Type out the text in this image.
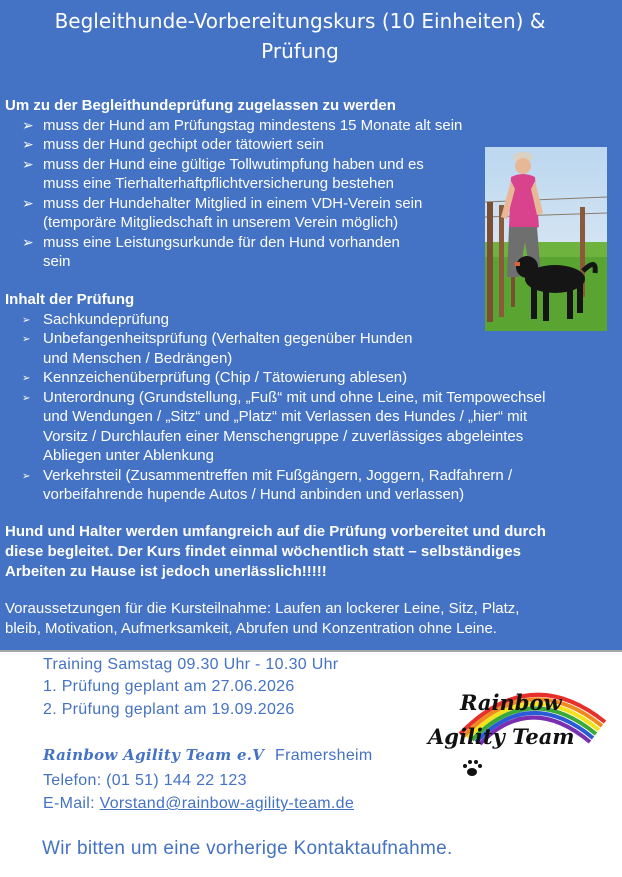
Begleithunde-Vorbereitungskurs (10 Einheiten) &
Prüfung
Um zu der Begleithundeprüfung zugelassen zu werden
➢ muss der Hund am Prüfungstag mindestens 15 Monate alt sein
➢ muss der Hund gechipt oder tätowiert sein
➢ muss der Hund eine gültige Tollwutimpfung haben und es
muss eine Tierhalterhaftpflichtversicherung bestehen
➢ muss der Hundehalter Mitglied in einem VDH-Verein sein
(temporäre Mitgliedschaft in unserem Verein möglich)
➢ muss eine Leistungsurkunde für den Hund vorhanden
sein
Inhalt der Prüfung
➢ Sachkundeprüfung
➢ Unbefangenheitsprüfung (Verhalten gegenüber Hunden
und Menschen / Bedrängen)
➢ Kennzeichenüberprüfung (Chip / Tätowierung ablesen)
➢ Unterordnung (Grundstellung, „Fuß“ mit und ohne Leine, mit Tempowechsel
und Wendungen / „Sitz“ und „Platz“ mit Verlassen des Hundes / „hier“ mit
Vorsitz / Durchlaufen einer Menschengruppe / zuverlässiges abgeleintes
Abliegen unter Ablenkung
➢ Verkehrsteil (Zusammentreffen mit Fußgängern, Joggern, Radfahrern /
vorbeifahrende hupende Autos / Hund anbinden und verlassen)
Hund und Halter werden umfangreich auf die Prüfung vorbereitet und durch
diese begleitet. Der Kurs findet einmal wöchentlich statt – selbständiges
Arbeiten zu Hause ist jedoch unerlässlich!!!!!
Voraussetzungen für die Kursteilnahme: Laufen an lockerer Leine, Sitz, Platz,
bleib, Motivation, Aufmerksamkeit, Abrufen und Konzentration ohne Leine.
Training Samstag 09.30 Uhr - 10.30 Uhr
1. Prüfung geplant am 27.06.2026
2. Prüfung geplant am 19.09.2026
Rainbow Agility Team e.V Framersheim
Telefon: (01 51) 144 22 123
E-Mail: Vorstand@rainbow-agility-team.de
Wir bitten um eine vorherige Kontaktaufnahme.
Rainbow
Agility Team
